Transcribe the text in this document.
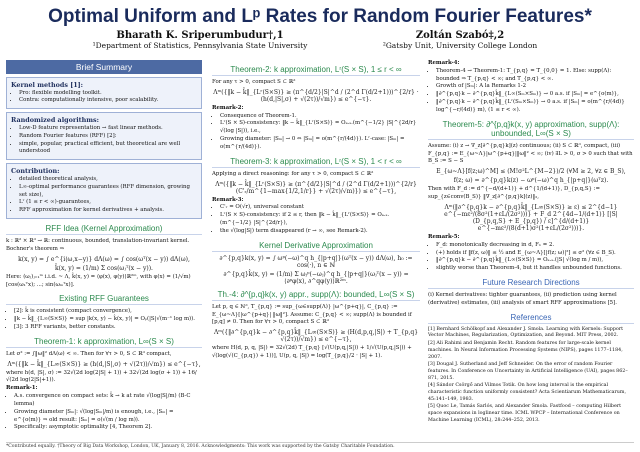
Optimal Uniform and Lᵖ Rates for Random Fourier Features*
Bharath K. Sriperumbudur†,1
¹Department of Statistics, Pennsylvania State University
Zoltán Szabó‡,2
²Gatsby Unit, University College London
Brief Summary
Kernel methods [1]:
• Pro: flexible modelling toolkit.
• Contra: computationally intensive, poor scalability.
Randomized algorithms:
• Low-D feature representation → fast linear methods.
• Random Fourier features (RFF) [2]:
• simple, popular, practical efficient, but theoretical are well understood
Contribution:
• detailed theoretical analysis,
• L∞-optimal performance guarantees (RFF dimension, growing set size),
• Lʳ (1 ≤ r < ∞)-guarantees,
• RFF approximation for kernel derivatives + analysis.
RFF Idea (Kernel Approximation)

k : ℝᵈ × ℝᵈ → ℝ: continuous, bounded, translation-invariant kernel. Bochner's theorem ⇒

k(x, y) = ∫ e^{i⟨ω,x−y⟩} dΛ(ω) = ∫ cos(ωᵀ(x − y)) dΛ(ω),
k̂(x, y) = (1/m) Σ cos(ωⱼᵀ(x − y)).

Here: (ωⱼ)ⱼ₌₁ᵐ i.i.d. ~ Λ, k̂(x, y) = ⟨φ(x), φ(y)⟩ℝ²ᵐ, with φ(x) = (1/√m)[cos(ω₁ᵀx); ...; sin(ωₘᵀx)].

Existing RFF Guarantees
• [2]: k̂ is consistent (compact convergence),
• ‖k − k̂‖_{L∞(S×S)} = sup |k(x, y) − k̂(x, y)| = Oₚ(|S|√(m⁻¹ log m)).
• [3]: 3 RFF variants, better constants.
Theorem-1: k approximation, L∞(S × S)

Let σ² := ∫‖ω‖² dΛ(ω) < ∞. Then for ∀τ > 0, S ⊂ ℝᵈ compact,

Λᵐ({‖k − k̂‖_{L∞(S×S)} ≥ (h(d,|S|,σ) + √(2τ))/√m}) ≤ e^{−τ},

where h(d, |S|, σ) := 32√(2d log(2|S| + 1)) + 32√(2d log(σ + 1)) + 16/√(2d log(2|S|+1)).

Remark-1:

• A.s. convergence on compact sets: k̂ → k at rate √(log|S|/m) (B-C lemma)
• Growing diameter |Sₘ|: √(log|Sₘ|/m) is enough, i.e., |Sₘ| = e^{o(m)} ⇒ old result: |Sₘ| = o(√(m / log m)).
• Specifically: asymptotic optimality [4, Theorem 2].
Theorem-2: k approximation, Lʳ(S × S), 1 ≤ r < ∞

For any τ > 0, compact S ⊂ ℝᵈ

Λᵐ({‖k − k̂‖_{Lʳ(S×S)} ≥ (π^{d/2}|S|^d / (2^d Γ(d/2+1)))^{2/r} · (h(d,|S|,σ) + √(2τ))/√m}) ≤ e^{−τ}.

Remark-2:

• Consequence of Theorem-1.
• Lʳ(S × S)-consistency: ‖k − k̂‖_{Lʳ(S×S)} = Oₐ.ₛ.(m^{−1/2} |S|^{2d/r} √(log |S|)), i.e.,
• Growing diameter: |Sₘ| → 0 ⇔ |Sₘ| = o(m^{r/(4d)}). Lʳ-case: |Sₘ| = o(m^{r/(4d)}).
Theorem-3: k approximation, Lʳ(S × S), 1 < r < ∞

Applying a direct reasoning: for any τ > 0, compact S ⊂ ℝᵈ

Λᵐ({‖k − k̂‖_{Lʳ(S×S)} ≥ (π^{d/2}|S|^d / (2^d Γ(d/2+1)))^{2/r} (C'ᵣ/m^{1−max{1/2,1/r}} + √(2τ)/√m)}) ≤ e^{−τ},

Remark-3:

• C'ᵣ = O(√r), universal constant
• Lʳ(S × S)-consistency: if 2 ≤ r, then ‖k − k̂‖_{Lʳ(S×S)} = Oₐ.ₛ.(m^{−1/2} |S|^{2d/r}),
• the √(log|S|) term disappeared (r → ∞, see Remark-2).
Kernel Derivative Approximation
∂^{p,q}k(x, y) = ∫ ωᵖ(−ω)^q h_{|p+q|}(ωᵀ(x − y)) dΛ(ω), h₀ := cos(·), n ∈ ℕ
∂^{p,q}k̂(x, y) = (1/m) Σ ωⱼᵖ(−ωⱼ)^q h_{|p+q|}(ωⱼᵀ(x − y)) = ⟨∂ᵖφ(x), ∂^qφ(y)⟩ℝ²ᵐ.
Th.-4: ∂^{p,q}k(x, y) appr., supp(Λ): bounded, L∞(S × S)

Let p, q ∈ ℕᵈ, T_{p,q} := sup_{ω∈supp(Λ)} |ω^{p+q}|, C_{p,q} := E_{ω~Λ}[|ω^{p+q}| ‖ω‖²]. Assume: C_{p,q} < ∞; supp(Λ) is bounded if [p,q] ≠ 0. Then for ∀τ > 0, compact S ⊂ ℝᵈ

Λᵐ({‖∂^{p,q}k − ∂^{p,q}k̂‖_{L∞(S×S)} ≥ (H(d,p,q,|S|) + T_{p,q}√(2τ))/√m}) ≤ e^{−τ},

where H(d, p, q, |S|) = 32√(2d) T_{p,q} [√(U(p,q,|S|)) + 1/√(U(p,q,|S|)) + √(log(√(C_{p,q}) + 1))], U(p, q, |S|) = log(T_{p,q}/2 · |S| + 1).

Remark-4:

• Theorem-4 → Theorem-1: T_{p,q} = T_{0,0} = 1. Else: supp(Λ): bounded ⇒ T_{p,q} < ∞; and T_{p,q} < ∞.
• Growth of |Sₘ|: A la Remarks 1-2
• ‖∂^{p,q}k − ∂^{p,q}k̂‖_{L∞(Sₘ×Sₘ)} → 0 a.s. if |Sₘ| = e^{o(m)},
• ‖∂^{p,q}k − ∂^{p,q}k̂‖_{Lʳ(Sₘ×Sₘ)} → 0 a.s. if |Sₘ| = o(m^{r/(4d)} log^{−r/(4d)} m), (1 ≤ r < ∞).
Theorem-5: ∂^{p,q}k(x, y) approximation, supp(Λ): unbounded, L∞(S × S)

Assume: (i) z → ∇_z[∂^{p,q}k](z) continuous; (ii) S ⊂ ℝᵈ, compact, (iii) F_{p,q} := E_{ω~Λ}|ω^{p+q}|‖ω‖² < ∞; (iv) ∃L > 0, σ > 0 such that with B_S := S − S

E_{ω~Λ}[f(z;ω)^M] ≤ (M!σ²L^{M−2})/2 (∀M ≥ 2, ∀z ∈ B_S),
f(z; ω) = ∂^{p,q}k(z) − ωᵖ(−ω)^q h_{|p+q|}(ωᵀz).

Then with F_d := d^{−d/(d+1)} + d^{1/(d+1)}, D_{p,q,S} := sup_{z∈conv(B_S)} ‖∇_z[∂^{p,q}k](z)‖₂,

Λᵐ(‖∂^{p,q}k − ∂^{p,q}k̂‖_{L∞(S×S)} ≥ ε) ≤ 2^{d−1} e^{−mε²/(8σ²(1+εL/(2σ²)))} + F_d 2^{4d−1/(d+1)} [|S|(D_{p,q,S} + E_{p,q}) / ε]^{d/(d+1)} e^{−mε²/(8(d+1)σ²(1+εL/(2σ²)))}.

Remark-5:

• F_d: monotonically decreasing in d, F₁ = 2.
• (+) holds if ‖f(z, ω)‖ ≤ ½ and E_{ω~Λ}[|f(z; ω)|²] ≤ σ² (∀z ∈ B_S).
• ‖∂^{p,q}k − ∂^{p,q}k̂‖_{L∞(S×S)} = Oₐ.ₛ.(|S| √(log m / m)),
• slightly worse than Theorem-4, but it handles unbounded functions.
Future Research Directions

(i) Kernel derivatives: tighter guarantees, (ii) prediction using kernel (derivative) estimates, (iii) analysis of smart RFF approximations [5].

References

[1] Bernhard Schölkopf and Alexander J. Smola. Learning with Kernels: Support Vector Machines, Regularization, Optimization, and Beyond. MIT Press, 2002.

[2] Ali Rahimi and Benjamin Recht. Random features for large-scale kernel machines. In Neural Information Processing Systems (NIPS), pages 1177–1184, 2007.

[3] Dougal J. Sutherland and Jeff Schneider. On the error of random Fourier features. In Conference on Uncertainty in Artificial Intelligence (UAI), pages 862–871, 2015.

[4] Sándor Csörgő and Vilmos Totik. On how long interval is the empirical characteristic function uniformly consistent? Acta Scientiarum Mathematicarum, 45:141–149, 1983.

[5] Quoc Le, Tamás Sarlós, and Alexander Smola. Fastfood – computing Hilbert space expansions in loglinear time. ICML WPCP – International Conference on Machine Learning (ICML), 28:244–252, 2013.

*Contributed equally. †Theory of Big Data Workshop, London, UK, January 8, 2016. Acknowledgments: This work was supported by the Gatsby Charitable Foundation.
